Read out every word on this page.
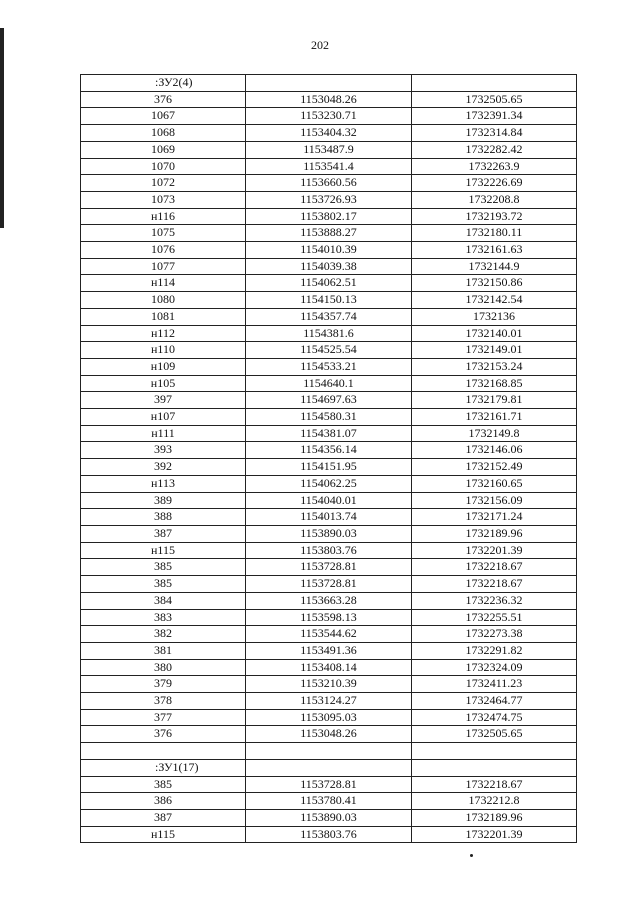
202
:ЗУ2(4)		
376	1153048.26	1732505.65
1067	1153230.71	1732391.34
1068	1153404.32	1732314.84
1069	1153487.9	1732282.42
1070	1153541.4	1732263.9
1072	1153660.56	1732226.69
1073	1153726.93	1732208.8
н116	1153802.17	1732193.72
1075	1153888.27	1732180.11
1076	1154010.39	1732161.63
1077	1154039.38	1732144.9
н114	1154062.51	1732150.86
1080	1154150.13	1732142.54
1081	1154357.74	1732136
н112	1154381.6	1732140.01
н110	1154525.54	1732149.01
н109	1154533.21	1732153.24
н105	1154640.1	1732168.85
397	1154697.63	1732179.81
н107	1154580.31	1732161.71
н111	1154381.07	1732149.8
393	1154356.14	1732146.06
392	1154151.95	1732152.49
н113	1154062.25	1732160.65
389	1154040.01	1732156.09
388	1154013.74	1732171.24
387	1153890.03	1732189.96
н115	1153803.76	1732201.39
385	1153728.81	1732218.67
385	1153728.81	1732218.67
384	1153663.28	1732236.32
383	1153598.13	1732255.51
382	1153544.62	1732273.38
381	1153491.36	1732291.82
380	1153408.14	1732324.09
379	1153210.39	1732411.23
378	1153124.27	1732464.77
377	1153095.03	1732474.75
376	1153048.26	1732505.65

:ЗУ1(17)		
385	1153728.81	1732218.67
386	1153780.41	1732212.8
387	1153890.03	1732189.96
н115	1153803.76	1732201.39
